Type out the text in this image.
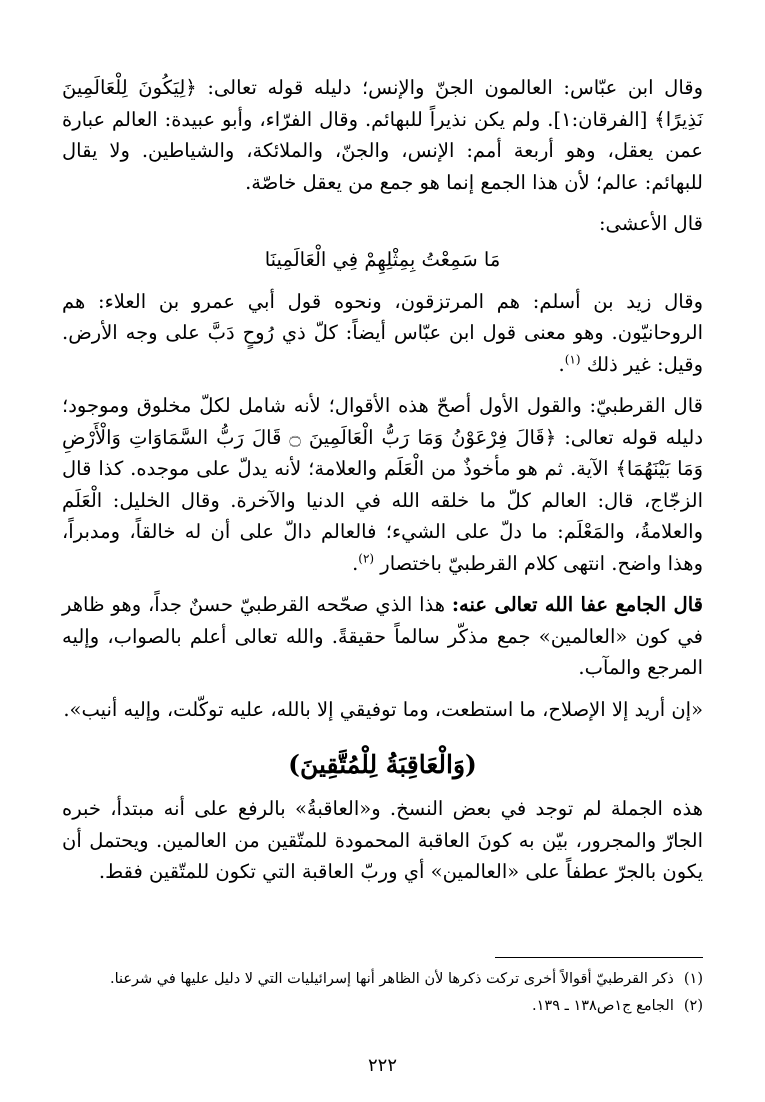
وقال ابن عبّاس: العالمون الجنّ والإنس؛ دليله قوله تعالى: ﴿لِيَكُونَ لِلْعَالَمِينَ نَذِيرًا﴾ [الفرقان:١]. ولم يكن نذيراً للبهائم. وقال الفرّاء، وأبو عبيدة: العالم عبارة عمن يعقل، وهو أربعة أمم: الإنس، والجنّ، والملائكة، والشياطين. ولا يقال للبهائم: عالم؛ لأن هذا الجمع إنما هو جمع من يعقل خاصّة.

قال الأعشى:

مَا سَمِعْتُ بِمِثْلِهِمْ فِي الْعَالَمِينَا

وقال زيد بن أسلم: هم المرتزقون، ونحوه قول أبي عمرو بن العلاء: هم الروحانيّون. وهو معنى قول ابن عبّاس أيضاً: كلّ ذي رُوحٍ دَبَّ على وجه الأرض. وقيل: غير ذلك $^{(١)}$.

قال القرطبيّ: والقول الأول أصحّ هذه الأقوال؛ لأنه شامل لكلّ مخلوق وموجود؛ دليله قوله تعالى: ﴿قَالَ فِرْعَوْنُ وَمَا رَبُّ الْعَالَمِينَ ۝ قَالَ رَبُّ السَّمَاوَاتِ وَالْأَرْضِ وَمَا بَيْنَهُمَا﴾ الآية. ثم هو مأخوذٌ من الْعَلَم والعلامة؛ لأنه يدلّ على موجده. كذا قال الزجّاج، قال: العالم كلّ ما خلقه الله في الدنيا والآخرة. وقال الخليل: الْعَلَم والعلامةُ، والمَعْلَم: ما دلّ على الشيء؛ فالعالم دالّ على أن له خالقاً، ومدبراً، وهذا واضح. انتهى كلام القرطبيّ باختصار $^{(٢)}$.

قال الجامع عفا الله تعالى عنه: هذا الذي صحّحه القرطبيّ حسنٌ جداً، وهو ظاهر في كون «العالمين» جمع مذكّر سالماً حقيقةً. والله تعالى أعلم بالصواب، وإليه المرجع والمآب.

«إن أريد إلا الإصلاح، ما استطعت، وما توفيقي إلا بالله، عليه توكّلت، وإليه أنيب».

(وَالْعَاقِبَةُ لِلْمُتَّقِينَ)

هذه الجملة لم توجد في بعض النسخ. و«العاقبةُ» بالرفع على أنه مبتدأ، خبره الجارّ والمجرور، بيّن به كونَ العاقبة المحمودة للمتّقين من العالمين. ويحتمل أن يكون بالجرّ عطفاً على «العالمين» أي وربّ العاقبة التي تكون للمتّقين فقط.

(١)ذكر القرطبيّ أقوالاً أخرى تركت ذكرها لأن الظاهر أنها إسرائيليات التي لا دليل عليها في شرعنا.

(٢)الجامع ج١ص١٣٨ ـ ١٣٩.

٢٢٢
